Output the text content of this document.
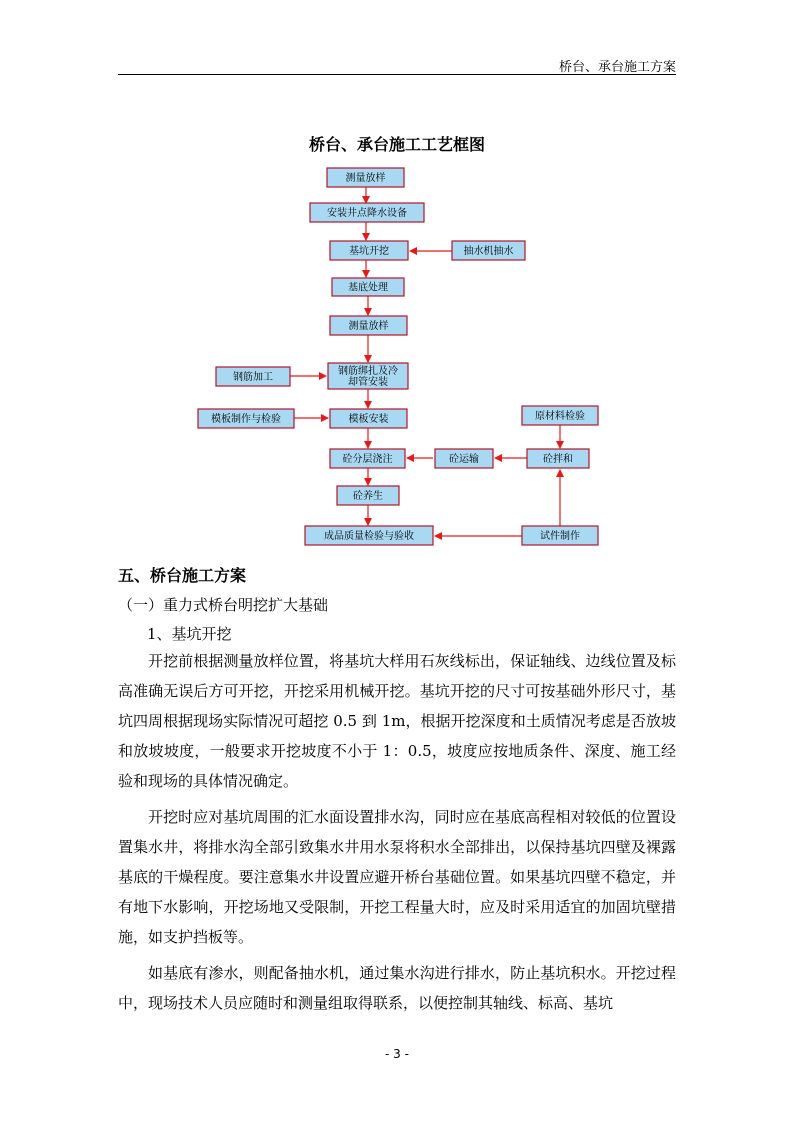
桥台、承台施工方案
桥台、承台施工工艺框图
测量放样
安装井点降水设备
基坑开挖	抽水机抽水
基底处理
测量放样
钢筋绑扎及冷
却管安装
钢筋加工
模板制作与检验	模板安装	原材料检验
砼分层浇注	砼运输	砼拌和
砼养生
成品质量检验与验收	试件制作
五、桥台施工方案
（一）重力式桥台明挖扩大基础
1、基坑开挖

开挖前根据测量放样位置，将基坑大样用石灰线标出，保证轴线、边线位置及标高准确无误后方可开挖，开挖采用机械开挖。基坑开挖的尺寸可按基础外形尺寸，基坑四周根据现场实际情况可超挖 0.5 到 1m，根据开挖深度和土质情况考虑是否放坡和放坡坡度，一般要求开挖坡度不小于 1：0.5，坡度应按地质条件、深度、施工经验和现场的具体情况确定。

开挖时应对基坑周围的汇水面设置排水沟，同时应在基底高程相对较低的位置设置集水井，将排水沟全部引致集水井用水泵将积水全部排出，以保持基坑四壁及裸露基底的干燥程度。要注意集水井设置应避开桥台基础位置。如果基坑四壁不稳定，并有地下水影响，开挖场地又受限制，开挖工程量大时，应及时采用适宜的加固坑壁措施，如支护挡板等。

如基底有渗水，则配备抽水机，通过集水沟进行排水，防止基坑积水。开挖过程中，现场技术人员应随时和测量组取得联系，以便控制其轴线、标高、基坑

- 3 -
